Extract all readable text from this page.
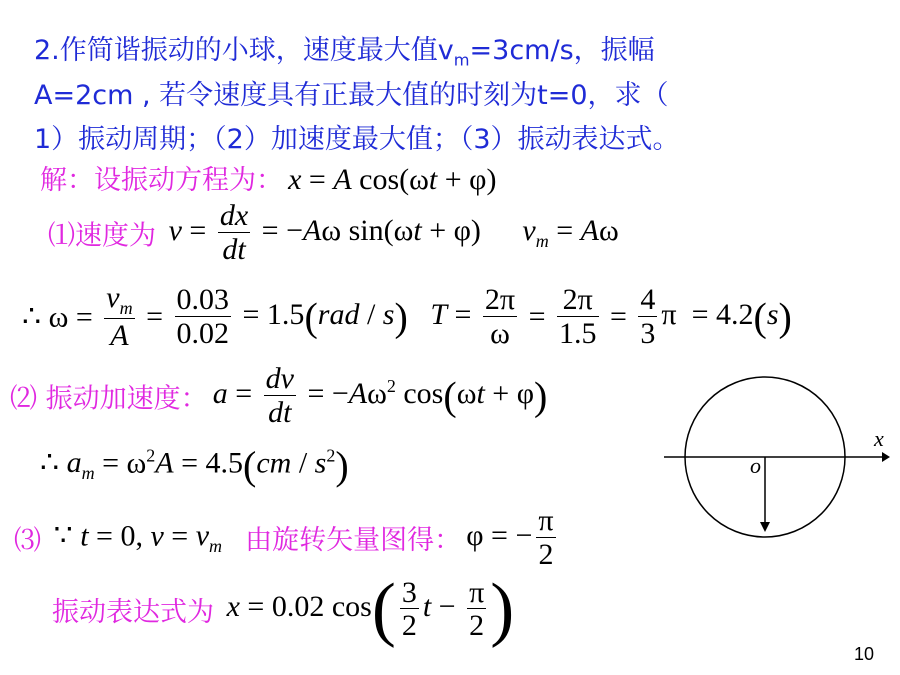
2.作简谐振动的小球，速度最大值$v_m=3cm/s$，振幅
A=2cm , 若令速度具有正最大值的时刻为t=0，求（
1）振动周期；（2）加速度最大值；（3）振动表达式。
解：设振动方程为： x = A cos(ωt + φ)
⑴速度为 $v = \frac{dx}{dt} = -A\omega$ sin(ωt + φ) $v_m = A\omega$
∴ $\omega = \frac{v_m}{A} = \frac{0.03}{0.02} = 1.5(rad / s) T = \frac{2\pi}{\omega} = \frac{2\pi}{1.5} = \frac{4}{3}$ π  = 4.2(s)
⑵ 振动加速度： $a = \frac{dv}{dt} = -A\omega^2$ cos(ωt + φ)
∴ $a_m = \omega^2A = 4.5(cm / s^2)$
⑶  ∵ t = 0, $v = v_m$ 由旋转矢量图得： φ = − $\frac{\pi}{2}$
振动表达式为 x = 0.02 $\cos( \frac{3}{2}$ $t - \frac{\pi}{2}$ )
x
o
10
